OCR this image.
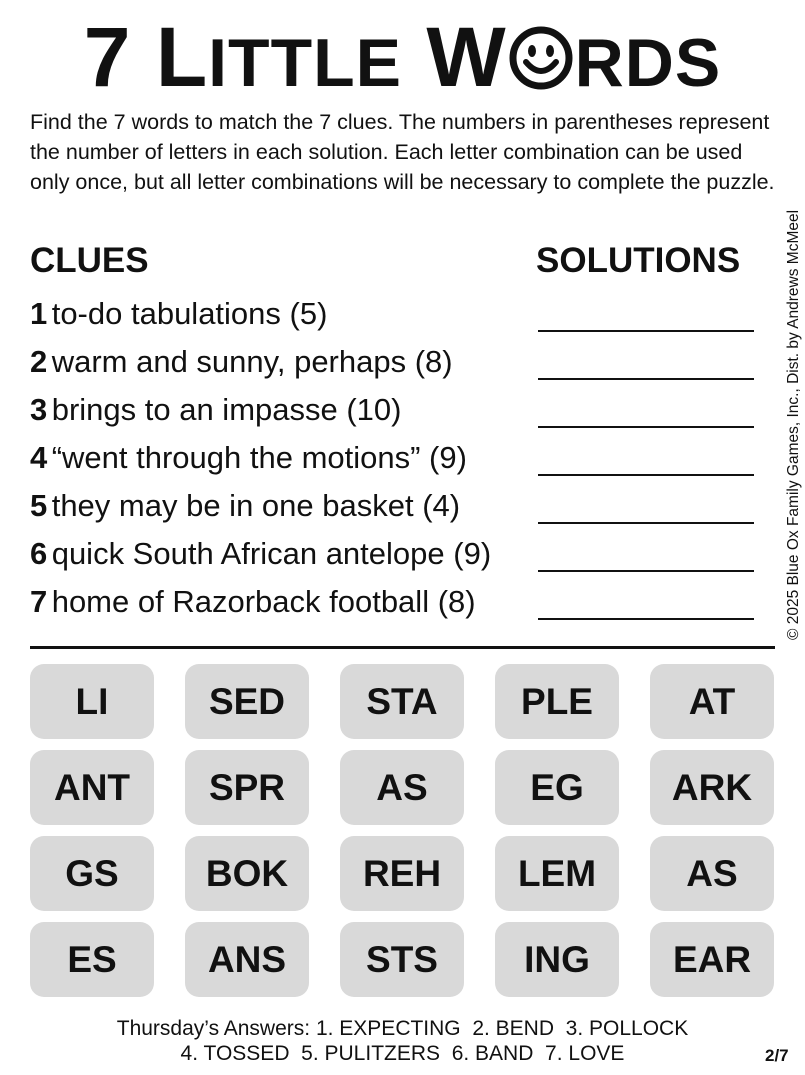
7 LITTLE W RDS
Find the 7 words to match the 7 clues. The numbers in parentheses represent the number of letters in each solution. Each letter combination can be used only once, but all letter combinations will be necessary to complete the puzzle.
© 2025 Blue Ox Family Games, Inc., Dist. by Andrews McMeel
CLUES	SOLUTIONS
1 to-do tabulations (5)
2 warm and sunny, perhaps (8)
3 brings to an impasse (10)
4 “went through the motions” (9)
5 they may be in one basket (4)
6 quick South African antelope (9)
7 home of Razorback football (8)
LI	SED	STA	PLE	AT
ANT	SPR	AS	EG	ARK
GS	BOK	REH	LEM	AS
ES	ANS	STS	ING	EAR
Thursday’s Answers: 1. EXPECTING  2. BEND  3. POLLOCK
4. TOSSED  5. PULITZERS  6. BAND  7. LOVE	2/7
